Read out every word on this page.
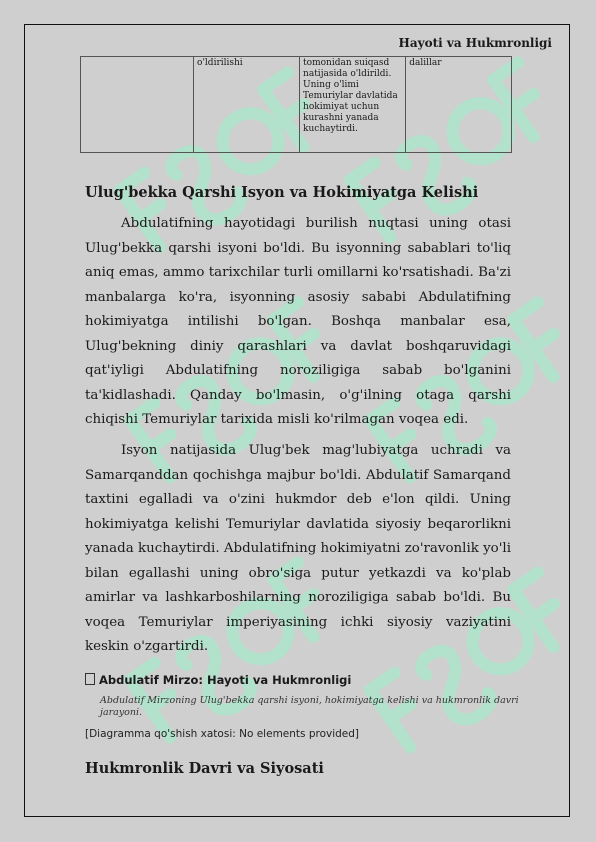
Hayoti va Hukmronligi
	o'ldirilishi	tomonidan suiqasd natijasida o'ldirildi. Uning o'limi Temuriylar davlatida hokimiyat uchun kurashni yanada kuchaytirdi.	dalillar
Ulug'bekka Qarshi Isyon va Hokimiyatga Kelishi

Abdulatifning hayotidagi burilish nuqtasi uning otasi Ulug'bekka qarshi isyoni bo'ldi. Bu isyonning sabablari to'liq aniq emas, ammo tarixchilar turli omillarni ko'rsatishadi. Ba'zi manbalarga ko'ra, isyonning asosiy sababi Abdulatifning hokimiyatga intilishi bo'lgan. Boshqa manbalar esa, Ulug'bekning diniy qarashlari va davlat boshqaruvidagi qat'iyligi Abdulatifning noroziligiga sabab bo'lganini ta'kidlashadi. Qanday bo'lmasin, o'g'ilning otaga qarshi chiqishi Temuriylar tarixida misli ko'rilmagan voqea edi.

Isyon natijasida Ulug'bek mag'lubiyatga uchradi va Samarqanddan qochishga majbur bo'ldi. Abdulatif Samarqand taxtini egalladi va o'zini hukmdor deb e'lon qildi. Uning hokimiyatga kelishi Temuriylar davlatida siyosiy beqarorlikni yanada kuchaytirdi. Abdulatifning hokimiyatni zo'ravonlik yo'li bilan egallashi uning obro'siga putur yetkazdi va ko'plab amirlar va lashkarboshilarning noroziligiga sabab bo'ldi. Bu voqea Temuriylar imperiyasining ichki siyosiy vaziyatini keskin o'zgartirdi.

Abdulatif Mirzo: Hayoti va Hukmronligi
Abdulatif Mirzoning Ulug'bekka qarshi isyoni, hokimiyatga kelishi va hukmronlik davri jarayoni.
[Diagramma qo'shish xatosi: No elements provided]
Hukmronlik Davri va Siyosati
